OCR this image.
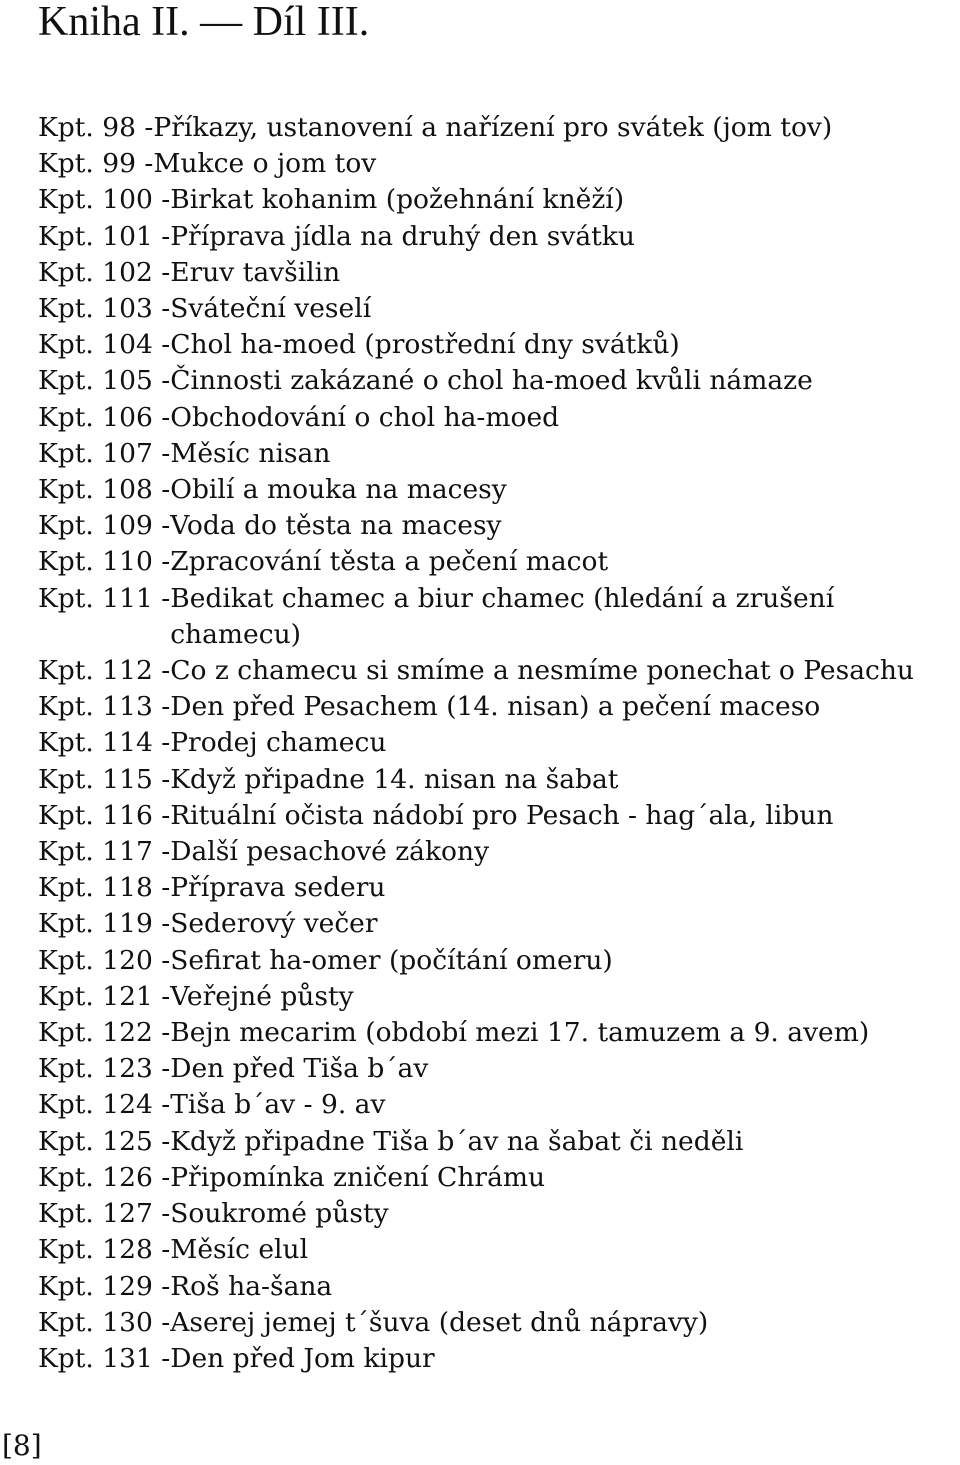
Kniha II. — Díl III.
Kpt. 98 - Příkazy, ustanovení a nařízení pro svátek (jom tov)
Kpt. 99 - Mukce o jom tov
Kpt. 100 - Birkat kohanim (požehnání kněží)
Kpt. 101 - Příprava jídla na druhý den svátku
Kpt. 102 - Eruv tavšilin
Kpt. 103 - Sváteční veselí
Kpt. 104 - Chol ha-moed (prostřední dny svátků)
Kpt. 105 - Činnosti zakázané o chol ha-moed kvůli námaze
Kpt. 106 - Obchodování o chol ha-moed
Kpt. 107 - Měsíc nisan
Kpt. 108 - Obilí a mouka na macesy
Kpt. 109 - Voda do těsta na macesy
Kpt. 110 - Zpracování těsta a pečení macot
Kpt. 111 - Bedikat chamec a biur chamec (hledání a zrušení chamecu)
Kpt. 112 - Co z chamecu si smíme a nesmíme ponechat o Pesachu
Kpt. 113 - Den před Pesachem (14. nisan) a pečení maceso
Kpt. 114 - Prodej chamecu
Kpt. 115 - Když připadne 14. nisan na šabat
Kpt. 116 - Rituální očista nádobí pro Pesach - hag´ala, libun
Kpt. 117 - Další pesachové zákony
Kpt. 118 - Příprava sederu
Kpt. 119 - Sederový večer
Kpt. 120 - Sefirat ha-omer (počítání omeru)
Kpt. 121 - Veřejné půsty
Kpt. 122 - Bejn mecarim (období mezi 17. tamuzem a 9. avem)
Kpt. 123 - Den před Tiša b´av
Kpt. 124 - Tiša b´av - 9. av
Kpt. 125 - Když připadne Tiša b´av na šabat či neděli
Kpt. 126 - Připomínka zničení Chrámu
Kpt. 127 - Soukromé půsty
Kpt. 128 - Měsíc elul
Kpt. 129 - Roš ha-šana
Kpt. 130 - Aserej jemej t´šuva (deset dnů nápravy)
Kpt. 131 - Den před Jom kipur
[8]
